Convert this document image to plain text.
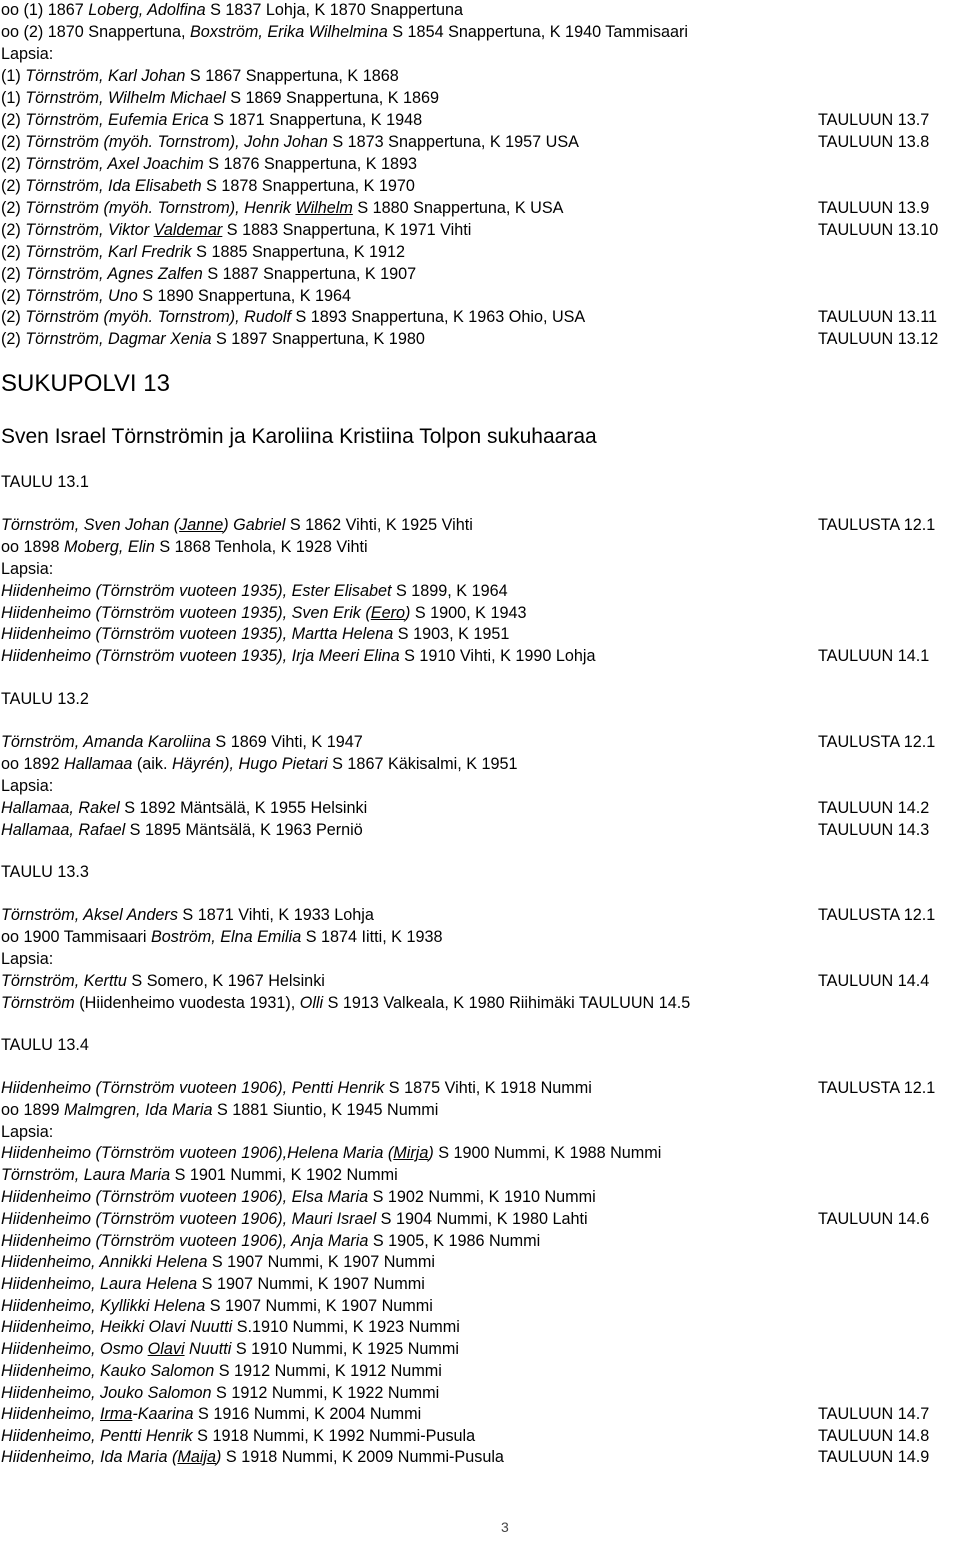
oo (1) 1867 Loberg, Adolfina S 1837 Lohja, K 1870 Snappertuna
oo (2) 1870 Snappertuna, Boxström, Erika Wilhelmina S 1854 Snappertuna, K 1940 Tammisaari
Lapsia:
(1) Törnström, Karl Johan S 1867 Snappertuna, K 1868
(1) Törnström, Wilhelm Michael S 1869 Snappertuna, K 1869
(2) Törnström, Eufemia Erica S 1871 Snappertuna, K 1948	TAULUUN 13.7
(2) Törnström (myöh. Tornstrom), John Johan S 1873 Snappertuna, K 1957 USA	TAULUUN 13.8
(2) Törnström, Axel Joachim S 1876 Snappertuna, K 1893
(2) Törnström, Ida Elisabeth S 1878 Snappertuna, K 1970
(2) Törnström (myöh. Tornstrom), Henrik Wilhelm S 1880 Snappertuna, K USA	TAULUUN 13.9
(2) Törnström, Viktor Valdemar S 1883 Snappertuna, K 1971 Vihti	TAULUUN 13.10
(2) Törnström, Karl Fredrik S 1885 Snappertuna, K 1912
(2) Törnström, Agnes Zalfen S 1887 Snappertuna, K 1907
(2) Törnström, Uno S 1890 Snappertuna, K 1964
(2) Törnström (myöh. Tornstrom), Rudolf S 1893 Snappertuna, K 1963 Ohio, USA	TAULUUN 13.11
(2) Törnström, Dagmar Xenia S 1897 Snappertuna, K 1980	TAULUUN 13.12
SUKUPOLVI 13
Sven Israel Törnströmin ja Karoliina Kristiina Tolpon sukuhaaraa
TAULU 13.1
Törnström, Sven Johan (Janne) Gabriel S 1862 Vihti, K 1925 Vihti	TAULUSTA 12.1
oo 1898 Moberg, Elin S 1868 Tenhola, K 1928 Vihti
Lapsia:
Hiidenheimo (Törnström vuoteen 1935), Ester Elisabet S 1899, K 1964
Hiidenheimo (Törnström vuoteen 1935), Sven Erik (Eero) S 1900, K 1943
Hiidenheimo (Törnström vuoteen 1935), Martta Helena S 1903, K 1951
Hiidenheimo (Törnström vuoteen 1935), Irja Meeri Elina S 1910 Vihti, K 1990 Lohja	TAULUUN 14.1
TAULU 13.2
Törnström, Amanda Karoliina S 1869 Vihti, K 1947	TAULUSTA 12.1
oo 1892 Hallamaa (aik. Häyrén), Hugo Pietari S 1867 Käkisalmi, K 1951
Lapsia:
Hallamaa, Rakel S 1892 Mäntsälä, K 1955 Helsinki	TAULUUN 14.2
Hallamaa, Rafael S 1895 Mäntsälä, K 1963 Perniö	TAULUUN 14.3
TAULU 13.3
Törnström, Aksel Anders S 1871 Vihti, K 1933 Lohja	TAULUSTA 12.1
oo 1900 Tammisaari Boström, Elna Emilia S 1874 Iitti, K 1938
Lapsia:
Törnström, Kerttu S Somero, K 1967 Helsinki	TAULUUN 14.4
Törnström (Hiidenheimo vuodesta 1931), Olli S 1913 Valkeala, K 1980 Riihimäki TAULUUN 14.5
TAULU 13.4
Hiidenheimo (Törnström vuoteen 1906), Pentti Henrik S 1875 Vihti, K 1918 Nummi	TAULUSTA 12.1
oo 1899 Malmgren, Ida Maria S 1881 Siuntio, K 1945 Nummi
Lapsia:
Hiidenheimo (Törnström vuoteen 1906),Helena Maria (Mirja) S 1900 Nummi, K 1988 Nummi
Törnström, Laura Maria S 1901 Nummi, K 1902 Nummi
Hiidenheimo (Törnström vuoteen 1906), Elsa Maria S 1902 Nummi, K 1910 Nummi
Hiidenheimo (Törnström vuoteen 1906), Mauri Israel S 1904 Nummi, K 1980 Lahti	TAULUUN 14.6
Hiidenheimo (Törnström vuoteen 1906), Anja Maria S 1905, K 1986 Nummi
Hiidenheimo, Annikki Helena S 1907 Nummi, K 1907 Nummi
Hiidenheimo, Laura Helena S 1907 Nummi, K 1907 Nummi
Hiidenheimo, Kyllikki Helena S 1907 Nummi, K 1907 Nummi
Hiidenheimo, Heikki Olavi Nuutti S.1910 Nummi, K 1923 Nummi
Hiidenheimo, Osmo Olavi Nuutti S 1910 Nummi, K 1925 Nummi
Hiidenheimo, Kauko Salomon S 1912 Nummi, K 1912 Nummi
Hiidenheimo, Jouko Salomon S 1912 Nummi, K 1922 Nummi
Hiidenheimo, Irma-Kaarina S 1916 Nummi, K 2004 Nummi	TAULUUN 14.7
Hiidenheimo, Pentti Henrik S 1918 Nummi, K 1992 Nummi-Pusula	TAULUUN 14.8
Hiidenheimo, Ida Maria (Maija) S 1918 Nummi, K 2009 Nummi-Pusula	TAULUUN 14.9
3
